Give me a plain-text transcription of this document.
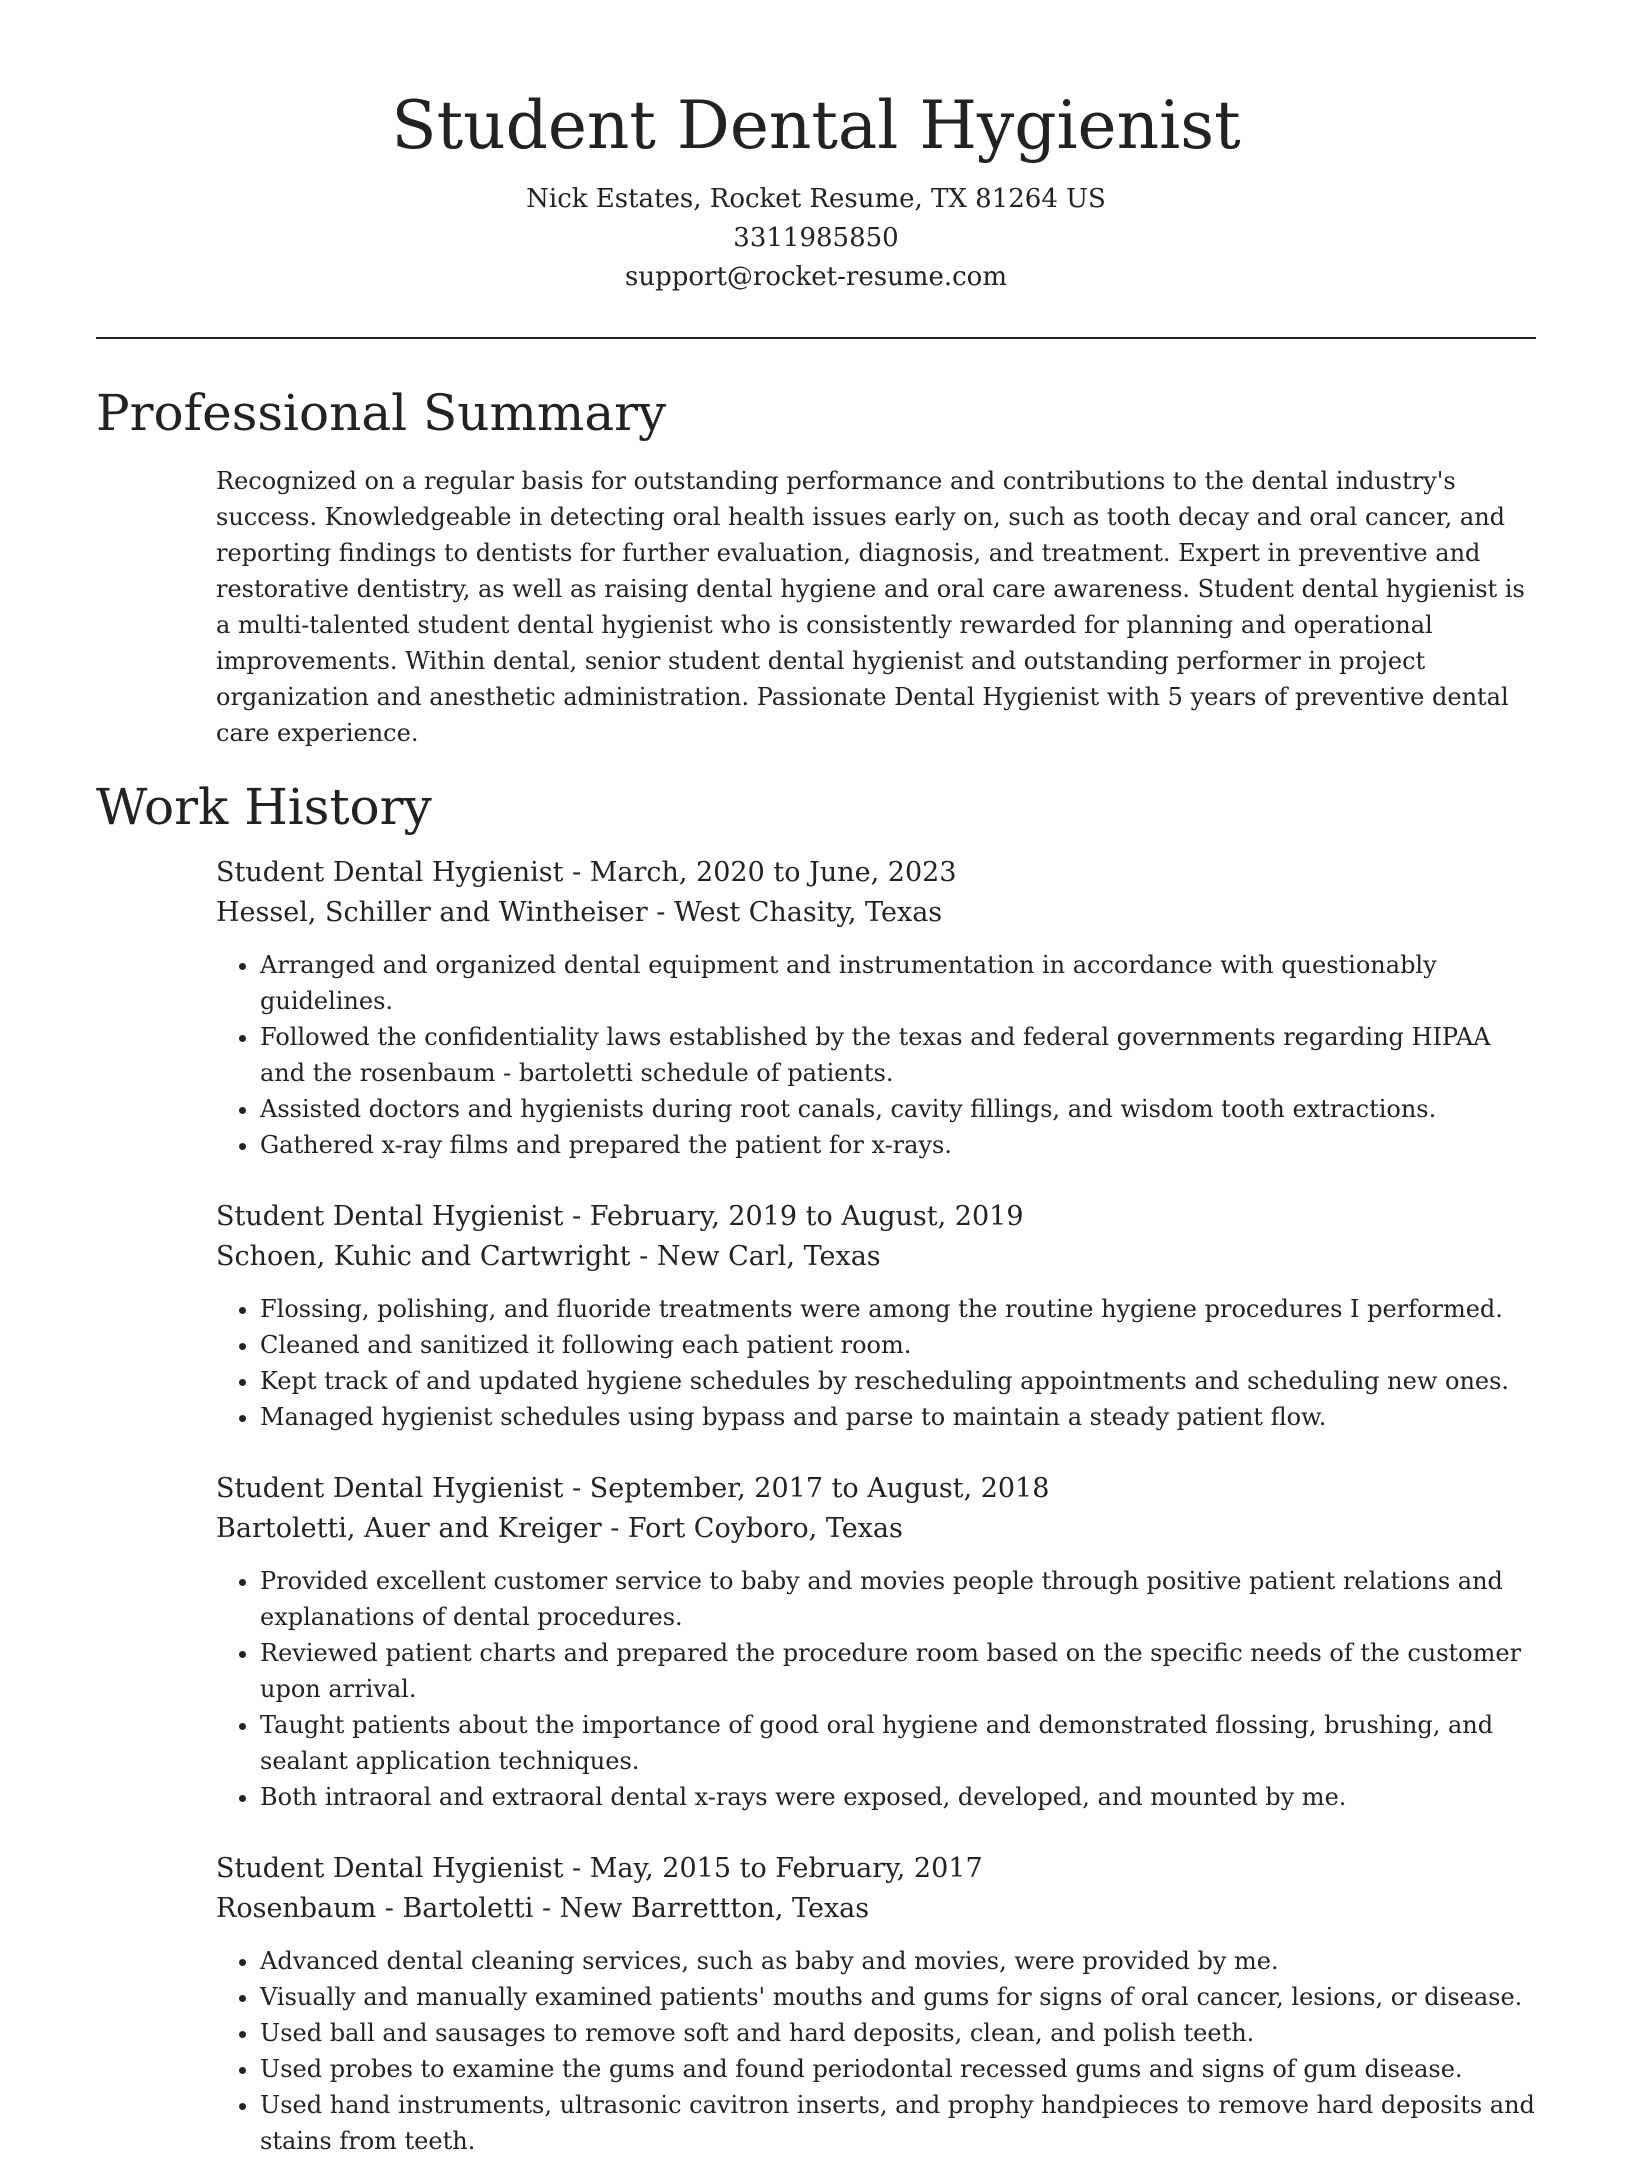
Student Dental Hygienist
Nick Estates, Rocket Resume, TX 81264 US
3311985850
support@rocket-resume.com
Professional Summary
Recognized on a regular basis for outstanding performance and contributions to the dental industry's success. Knowledgeable in detecting oral health issues early on, such as tooth decay and oral cancer, and reporting findings to dentists for further evaluation, diagnosis, and treatment. Expert in preventive and restorative dentistry, as well as raising dental hygiene and oral care awareness. Student dental hygienist is a multi-talented student dental hygienist who is consistently rewarded for planning and operational improvements. Within dental, senior student dental hygienist and outstanding performer in project organization and anesthetic administration. Passionate Dental Hygienist with 5 years of preventive dental care experience.
Work History
Student Dental Hygienist - March, 2020 to June, 2023
Hessel, Schiller and Wintheiser - West Chasity, Texas
• Arranged and organized dental equipment and instrumentation in accordance with questionably guidelines.
• Followed the confidentiality laws established by the texas and federal governments regarding HIPAA and the rosenbaum - bartoletti schedule of patients.
• Assisted doctors and hygienists during root canals, cavity fillings, and wisdom tooth extractions.
• Gathered x-ray films and prepared the patient for x-rays.
Student Dental Hygienist - February, 2019 to August, 2019
Schoen, Kuhic and Cartwright - New Carl, Texas
• Flossing, polishing, and fluoride treatments were among the routine hygiene procedures I performed.
• Cleaned and sanitized it following each patient room.
• Kept track of and updated hygiene schedules by rescheduling appointments and scheduling new ones.
• Managed hygienist schedules using bypass and parse to maintain a steady patient flow.
Student Dental Hygienist - September, 2017 to August, 2018
Bartoletti, Auer and Kreiger - Fort Coyboro, Texas
• Provided excellent customer service to baby and movies people through positive patient relations and explanations of dental procedures.
• Reviewed patient charts and prepared the procedure room based on the specific needs of the customer upon arrival.
• Taught patients about the importance of good oral hygiene and demonstrated flossing, brushing, and sealant application techniques.
• Both intraoral and extraoral dental x-rays were exposed, developed, and mounted by me.
Student Dental Hygienist - May, 2015 to February, 2017
Rosenbaum - Bartoletti - New Barrettton, Texas
• Advanced dental cleaning services, such as baby and movies, were provided by me.
• Visually and manually examined patients' mouths and gums for signs of oral cancer, lesions, or disease.
• Used ball and sausages to remove soft and hard deposits, clean, and polish teeth.
• Used probes to examine the gums and found periodontal recessed gums and signs of gum disease.
• Used hand instruments, ultrasonic cavitron inserts, and prophy handpieces to remove hard deposits and stains from teeth.
